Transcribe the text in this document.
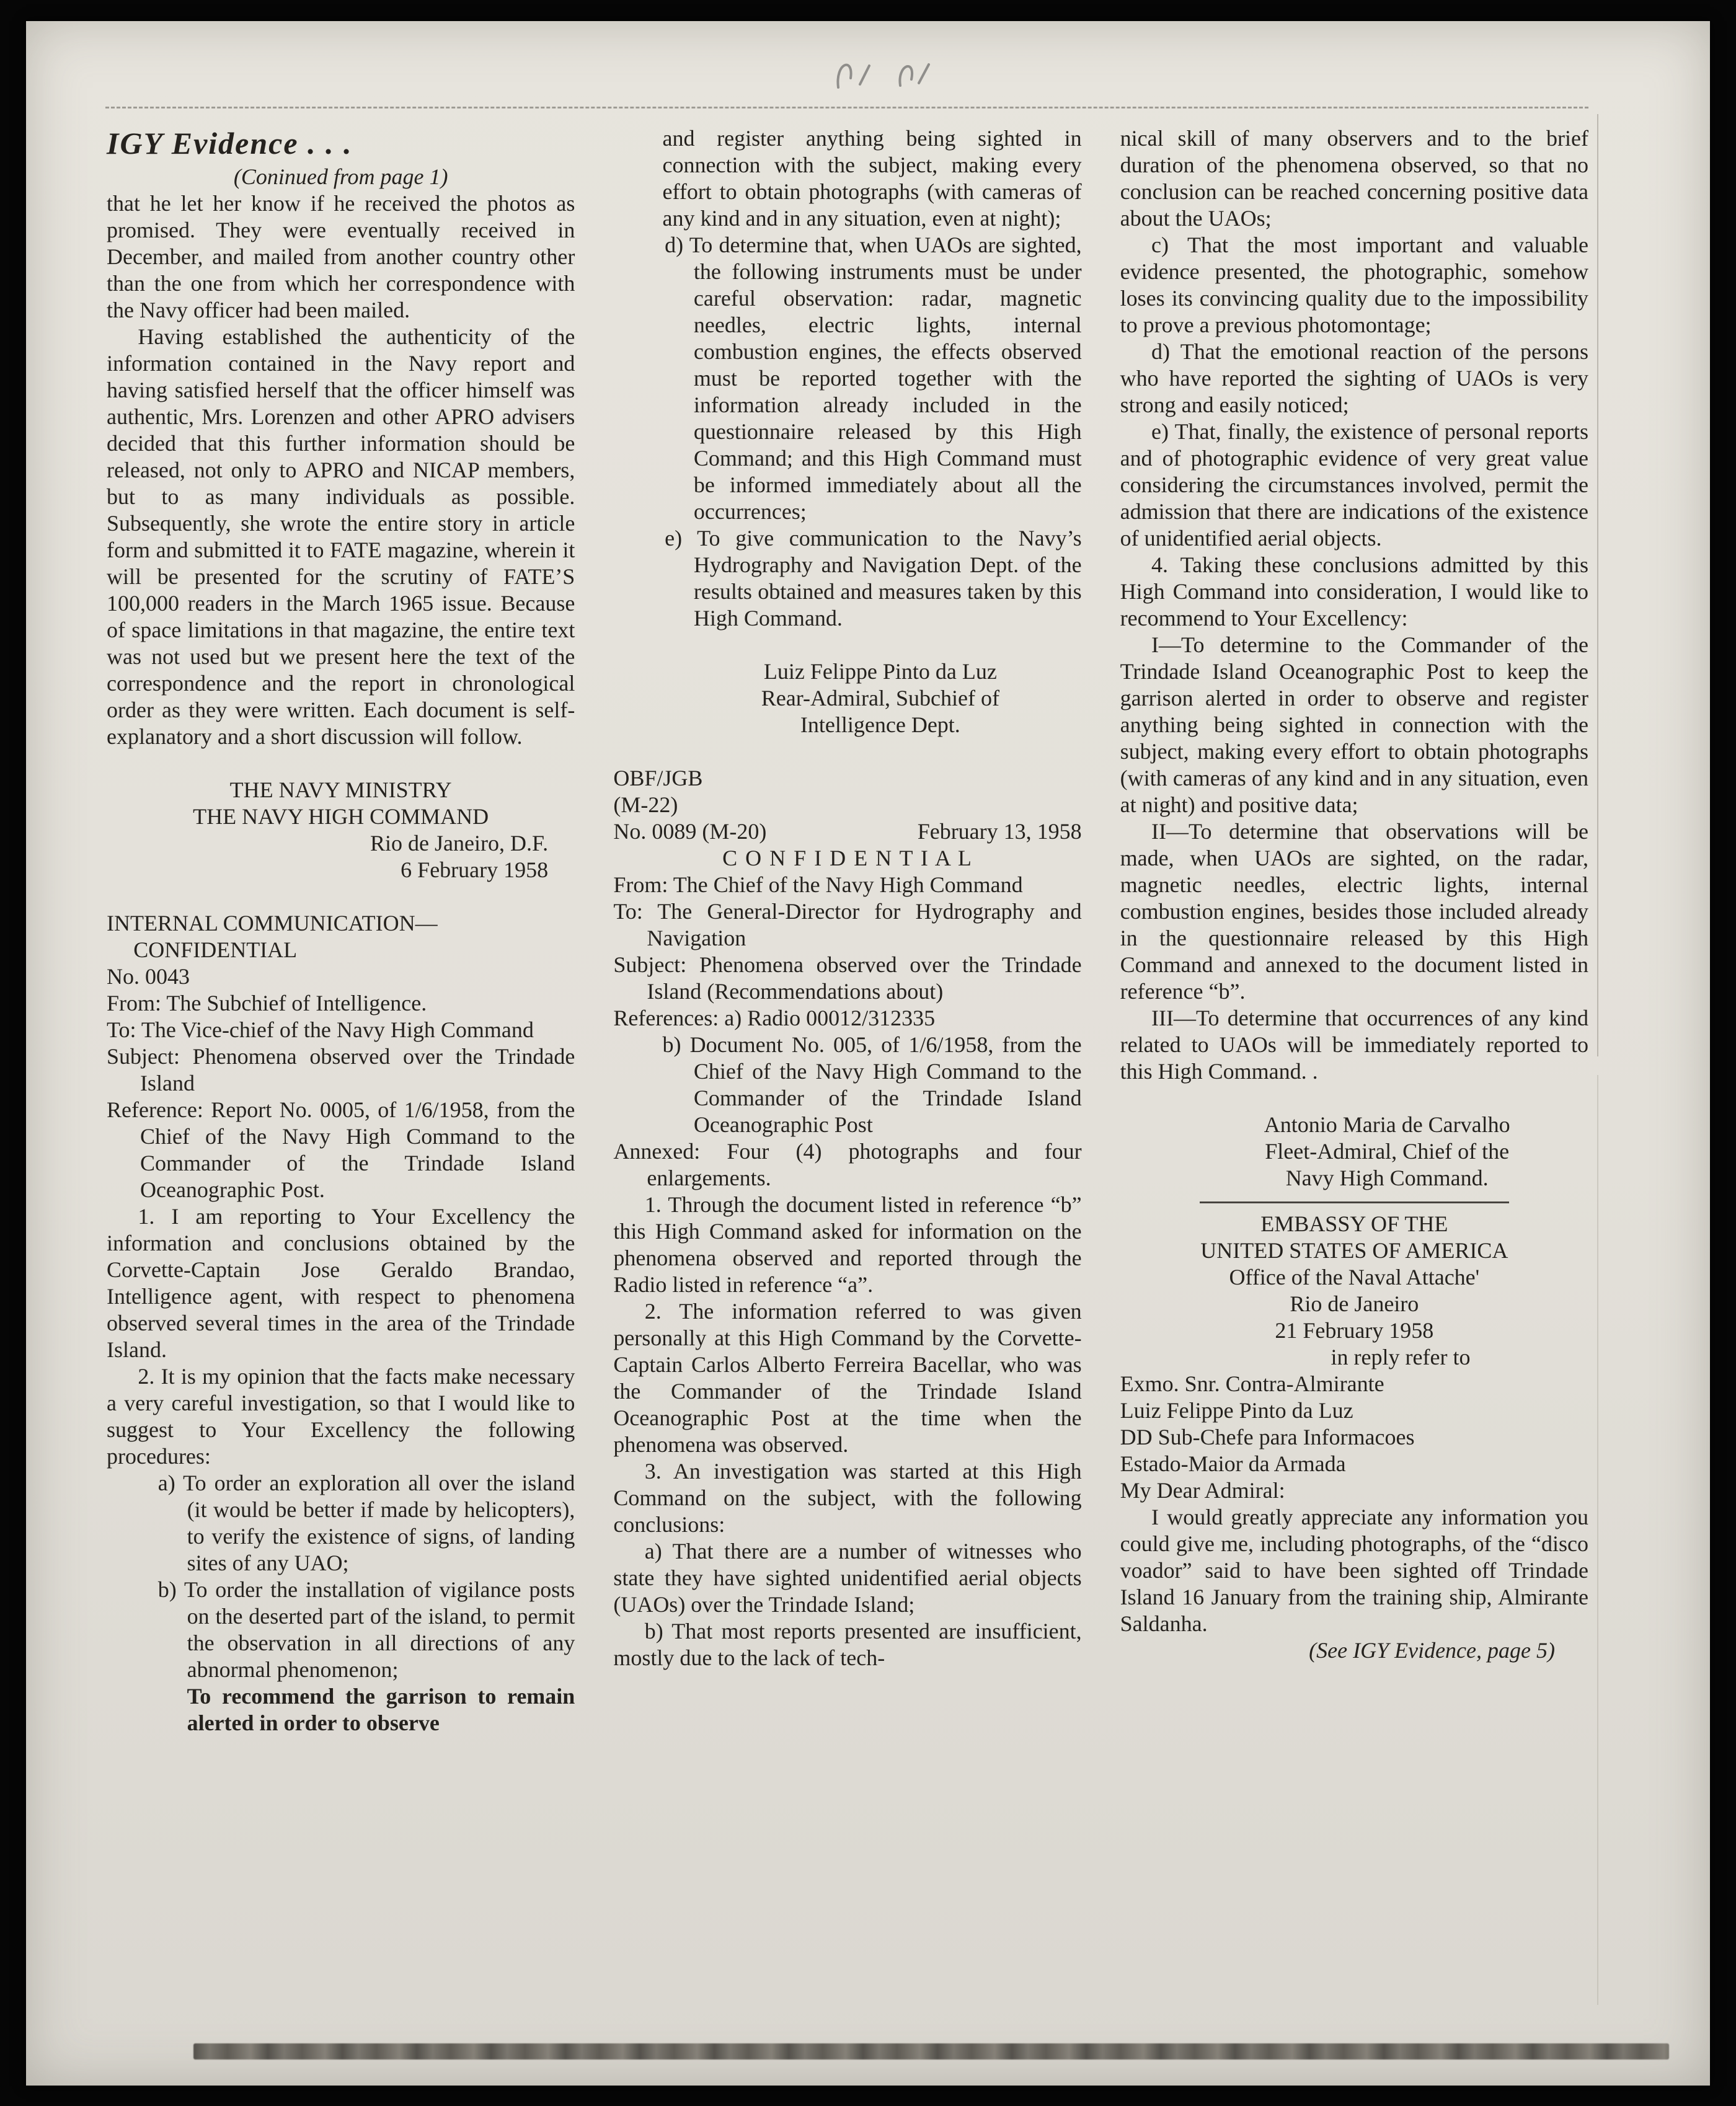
IGY Evidence . . .
(Coninued from page 1)
that he let her know if he received the photos as promised. They were eventually received in December, and mailed from another country other than the one from which her correspondence with the Navy officer had been mailed.
Having established the authenticity of the information contained in the Navy report and having satisfied herself that the officer himself was authentic, Mrs. Lorenzen and other APRO advisers decided that this further information should be released, not only to APRO and NICAP members, but to as many individuals as possible. Subsequently, she wrote the entire story in article form and submitted it to FATE magazine, wherein it will be presented for the scrutiny of FATE’S 100,000 readers in the March 1965 issue. Because of space limitations in that magazine, the entire text was not used but we present here the text of the correspondence and the report in chronological order as they were written. Each document is self-explanatory and a short discussion will follow.
THE NAVY MINISTRY
THE NAVY HIGH COMMAND
Rio de Janeiro, D.F.
6 February 1958
INTERNAL COMMUNICATION—
CONFIDENTIAL
No. 0043
From: The Subchief of Intelligence.
To: The Vice-chief of the Navy High Command
Subject: Phenomena observed over the Trindade Island
Reference: Report No. 0005, of 1/6/1958, from the Chief of the Navy High Command to the Commander of the Trindade Island Oceanographic Post.
1. I am reporting to Your Excellency the information and conclusions obtained by the Corvette-Captain Jose Geraldo Brandao, Intelligence agent, with respect to phenomena observed several times in the area of the Trindade Island.
2. It is my opinion that the facts make necessary a very careful investigation, so that I would like to suggest to Your Excellency the following procedures:
a) To order an exploration all over the island (it would be better if made by helicopters), to verify the existence of signs, of landing sites of any UAO;
b) To order the installation of vigilance posts on the deserted part of the island, to permit the observation in all directions of any abnormal phenomenon;
To recommend the garrison to remain alerted in order to observe
and register anything being sighted in connection with the subject, making every effort to obtain photographs (with cameras of any kind and in any situation, even at night);
d) To determine that, when UAOs are sighted, the following instruments must be under careful observation: radar, magnetic needles, electric lights, internal combustion engines, the effects observed must be reported together with the information already included in the questionnaire released by this High Command; and this High Command must be informed immediately about all the occurrences;
e) To give communication to the Navy’s Hydrography and Navigation Dept. of the results obtained and measures taken by this High Command.
Luiz Felippe Pinto da Luz
Rear-Admiral, Subchief of
Intelligence Dept.
OBF/JGB
(M-22)
No. 0089 (M-20)	February 13, 1958
C O N F I D E N T I A L
From: The Chief of the Navy High Command
To: The General-Director for Hydrography and Navigation
Subject: Phenomena observed over the Trindade Island (Recommendations about)
References: a) Radio 00012/312335
b) Document No. 005, of 1/6/1958, from the Chief of the Navy High Command to the Commander of the Trindade Island Oceanographic Post
Annexed: Four (4) photographs and four enlargements.
1. Through the document listed in reference “b” this High Command asked for information on the phenomena observed and reported through the Radio listed in reference “a”.
2. The information referred to was given personally at this High Command by the Corvette-Captain Carlos Alberto Ferreira Bacellar, who was the Commander of the Trindade Island Oceanographic Post at the time when the phenomena was observed.
3. An investigation was started at this High Command on the subject, with the following conclusions:
a) That there are a number of witnesses who state they have sighted unidentified aerial objects (UAOs) over the Trindade Island;
b) That most reports presented are insufficient, mostly due to the lack of tech-
nical skill of many observers and to the brief duration of the phenomena observed, so that no conclusion can be reached concerning positive data about the UAOs;
c) That the most important and valuable evidence presented, the photographic, somehow loses its convincing quality due to the impossibility to prove a previous photomontage;
d) That the emotional reaction of the persons who have reported the sighting of UAOs is very strong and easily noticed;
e) That, finally, the existence of personal reports and of photographic evidence of very great value considering the circumstances involved, permit the admission that there are indications of the existence of unidentified aerial objects.
4. Taking these conclusions admitted by this High Command into consideration, I would like to recommend to Your Excellency:
I—To determine to the Commander of the Trindade Island Oceanographic Post to keep the garrison alerted in order to observe and register anything being sighted in connection with the subject, making every effort to obtain photographs (with cameras of any kind and in any situation, even at night) and positive data;
II—To determine that observations will be made, when UAOs are sighted, on the radar, magnetic needles, electric lights, internal combustion engines, besides those included already in the questionnaire released by this High Command and annexed to the document listed in reference “b”.
III—To determine that occurrences of any kind related to UAOs will be immediately reported to this High Command. .
Antonio Maria de Carvalho
Fleet-Admiral, Chief of the
Navy High Command.
EMBASSY OF THE
UNITED STATES OF AMERICA
Office of the Naval Attache'
Rio de Janeiro
21 February 1958
in reply refer to
Exmo. Snr. Contra-Almirante
Luiz Felippe Pinto da Luz
DD Sub-Chefe para Informacoes
Estado-Maior da Armada
My Dear Admiral:
I would greatly appreciate any information you could give me, including photographs, of the “disco voador” said to have been sighted off Trindade Island 16 January from the training ship, Almirante Saldanha.
(See IGY Evidence, page 5)
